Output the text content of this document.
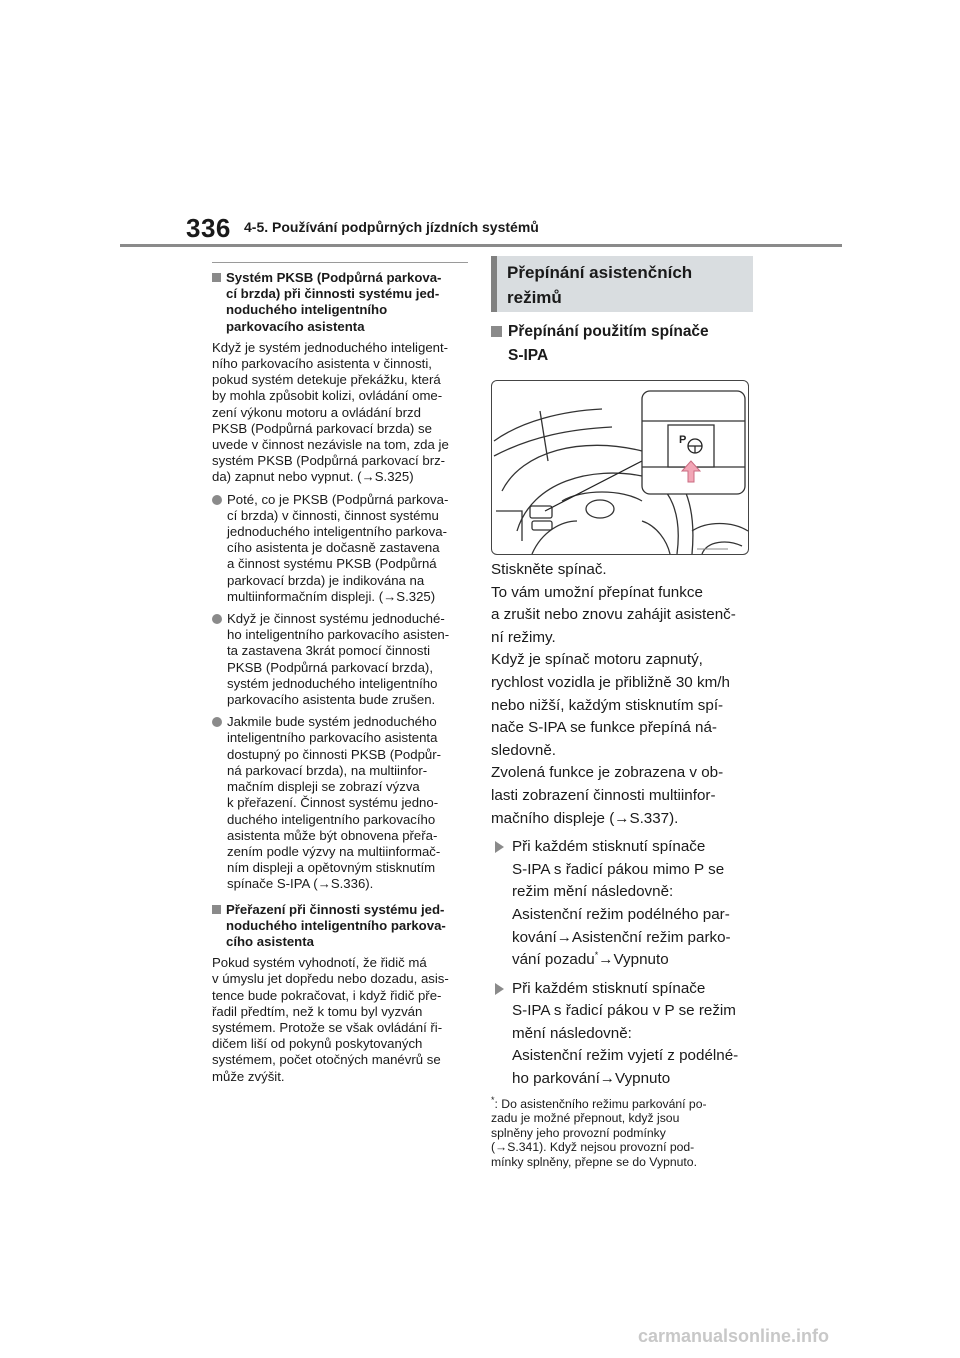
336 4-5. Používání podpůrných jízdních systémů
Systém PKSB (Podpůrná parkova-
cí brzda) při činnosti systému jed-
noduchého inteligentního
parkovacího asistenta
Když je systém jednoduchého inteligent-
ního parkovacího asistenta v činnosti,
pokud systém detekuje překážku, která
by mohla způsobit kolizi, ovládání ome-
zení výkonu motoru a ovládání brzd
PKSB (Podpůrná parkovací brzda) se
uvede v činnost nezávisle na tom, zda je
systém PKSB (Podpůrná parkovací brz-
da) zapnut nebo vypnut. (→S.325)
Poté, co je PKSB (Podpůrná parkova-
cí brzda) v činnosti, činnost systému
jednoduchého inteligentního parkova-
cího asistenta je dočasně zastavena
a činnost systému PKSB (Podpůrná
parkovací brzda) je indikována na
multiinformačním displeji. (→S.325)
Když je činnost systému jednoduché-
ho inteligentního parkovacího asisten-
ta zastavena 3krát pomocí činnosti
PKSB (Podpůrná parkovací brzda),
systém jednoduchého inteligentního
parkovacího asistenta bude zrušen.
Jakmile bude systém jednoduchého
inteligentního parkovacího asistenta
dostupný po činnosti PKSB (Podpůr-
ná parkovací brzda), na multiinfor-
mačním displeji se zobrazí výzva
k přeřazení. Činnost systému jedno-
duchého inteligentního parkovacího
asistenta může být obnovena přeřa-
zením podle výzvy na multiinformač-
ním displeji a opětovným stisknutím
spínače S-IPA (→S.336).
Přeřazení při činnosti systému jed-
noduchého inteligentního parkova-
cího asistenta
Pokud systém vyhodnotí, že řidič má
v úmyslu jet dopředu nebo dozadu, asis-
tence bude pokračovat, i když řidič pře-
řadil předtím, než k tomu byl vyzván
systémem. Protože se však ovládání ři-
dičem liší od pokynů poskytovaných
systémem, počet otočných manévrů se
může zvýšit.
Přepínání asistenčních
režimů
Přepínání použitím spínače
S-IPA
P
Stiskněte spínač.
To vám umožní přepínat funkce
a zrušit nebo znovu zahájit asistenč-
ní režimy.
Když je spínač motoru zapnutý,
rychlost vozidla je přibližně 30 km/h
nebo nižší, každým stisknutím spí-
nače S-IPA se funkce přepíná ná-
sledovně.
Zvolená funkce je zobrazena v ob-
lasti zobrazení činnosti multiinfor-
mačního displeje (→S.337).
Při každém stisknutí spínače
S-IPA s řadicí pákou mimo P se
režim mění následovně:
Asistenční režim podélného par-
kování→Asistenční režim parko-
vání pozadu*→Vypnuto
Při každém stisknutí spínače
S-IPA s řadicí pákou v P se režim
mění následovně:
Asistenční režim vyjetí z podélné-
ho parkování→Vypnuto
*: Do asistenčního režimu parkování po-
zadu je možné přepnout, když jsou
splněny jeho provozní podmínky
(→S.341). Když nejsou provozní pod-
mínky splněny, přepne se do Vypnuto.
carmanualsonline.info
